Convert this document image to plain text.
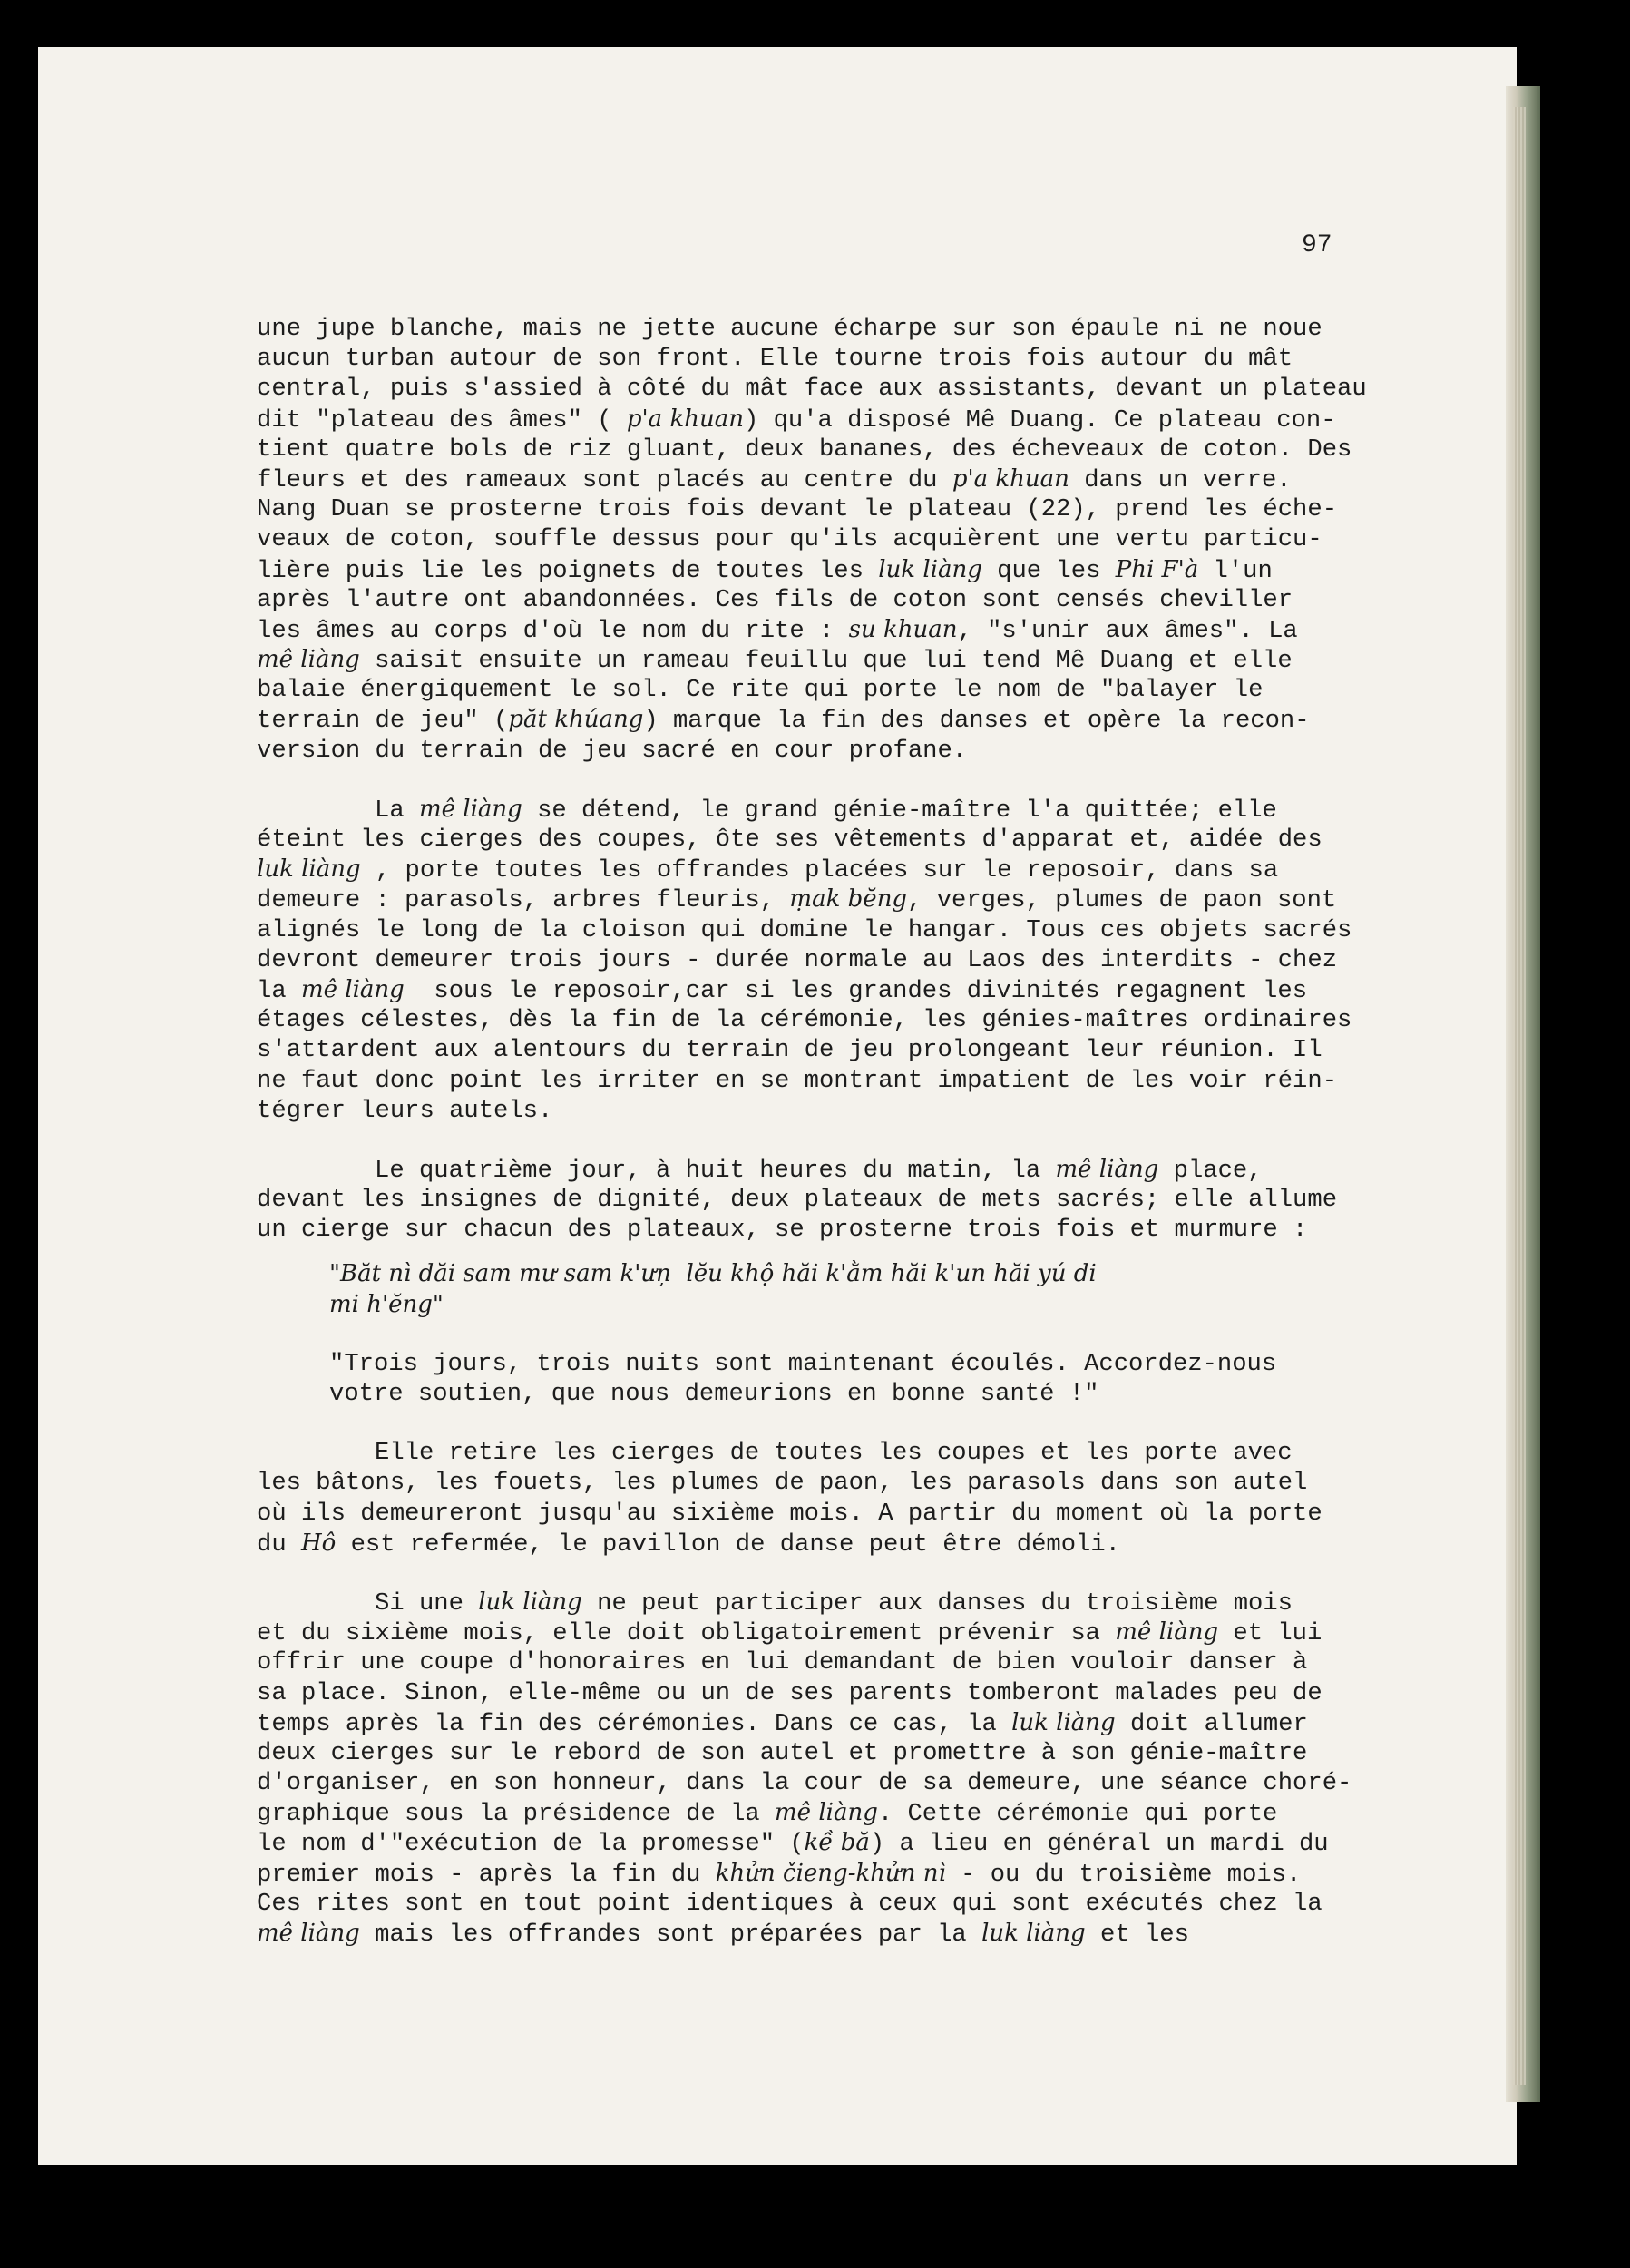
97
une jupe blanche, mais ne jette aucune écharpe sur son épaule ni ne noue
aucun turban autour de son front. Elle tourne trois fois autour du mât
central, puis s'assied à côté du mât face aux assistants, devant un plateau
dit "plateau des âmes" ( p'a khuan) qu'a disposé Mê Duang. Ce plateau con-
tient quatre bols de riz gluant, deux bananes, des écheveaux de coton. Des
fleurs et des rameaux sont placés au centre du p'a khuan dans un verre.
Nang Duan se prosterne trois fois devant le plateau (22), prend les éche-
veaux de coton, souffle dessus pour qu'ils acquièrent une vertu particu-
lière puis lie les poignets de toutes les luk liàng que les Phi F'à l'un
après l'autre ont abandonnées. Ces fils de coton sont censés cheviller
les âmes au corps d'où le nom du rite : su khuan, "s'unir aux âmes". La
mê liàng saisit ensuite un rameau feuillu que lui tend Mê Duang et elle
balaie énergiquement le sol. Ce rite qui porte le nom de "balayer le
terrain de jeu" (păt khúang) marque la fin des danses et opère la recon-
version du terrain de jeu sacré en cour profane.
La mê liàng se détend, le grand génie-maître l'a quittée; elle
éteint les cierges des coupes, ôte ses vêtements d'apparat et, aidée des
luk liàng , porte toutes les offrandes placées sur le reposoir, dans sa
demeure : parasols, arbres fleuris, ṃak bĕng, verges, plumes de paon sont
alignés le long de la cloison qui domine le hangar. Tous ces objets sacrés
devront demeurer trois jours - durée normale au Laos des interdits - chez
la mê liàng  sous le reposoir,car si les grandes divinités regagnent les
étages célestes, dès la fin de la cérémonie, les génies-maîtres ordinaires
s'attardent aux alentours du terrain de jeu prolongeant leur réunion. Il
ne faut donc point les irriter en se montrant impatient de les voir réin-
tégrer leurs autels.
Le quatrième jour, à huit heures du matin, la mê liàng place,
devant les insignes de dignité, deux plateaux de mets sacrés; elle allume
un cierge sur chacun des plateaux, se prosterne trois fois et murmure :
"Băt nì dăi sam mư sam k'ưn̦  lĕu khộ hăi k'ằm hăi k'un hăi yú di
mi h'ĕng"
"Trois jours, trois nuits sont maintenant écoulés. Accordez-nous
votre soutien, que nous demeurions en bonne santé !"
Elle retire les cierges de toutes les coupes et les porte avec
les bâtons, les fouets, les plumes de paon, les parasols dans son autel
où ils demeureront jusqu'au sixième mois. A partir du moment où la porte
du Hô est refermée, le pavillon de danse peut être démoli.
Si une luk liàng ne peut participer aux danses du troisième mois
et du sixième mois, elle doit obligatoirement prévenir sa mê liàng et lui
offrir une coupe d'honoraires en lui demandant de bien vouloir danser à
sa place. Sinon, elle-même ou un de ses parents tomberont malades peu de
temps après la fin des cérémonies. Dans ce cas, la luk liàng doit allumer
deux cierges sur le rebord de son autel et promettre à son génie-maître
d'organiser, en son honneur, dans la cour de sa demeure, une séance choré-
graphique sous la présidence de la mê liàng. Cette cérémonie qui porte
le nom d'"exécution de la promesse" (kề bă) a lieu en général un mardi du
premier mois - après la fin du khửn čieng-khửn nì - ou du troisième mois.
Ces rites sont en tout point identiques à ceux qui sont exécutés chez la
mê liàng mais les offrandes sont préparées par la luk liàng et les
